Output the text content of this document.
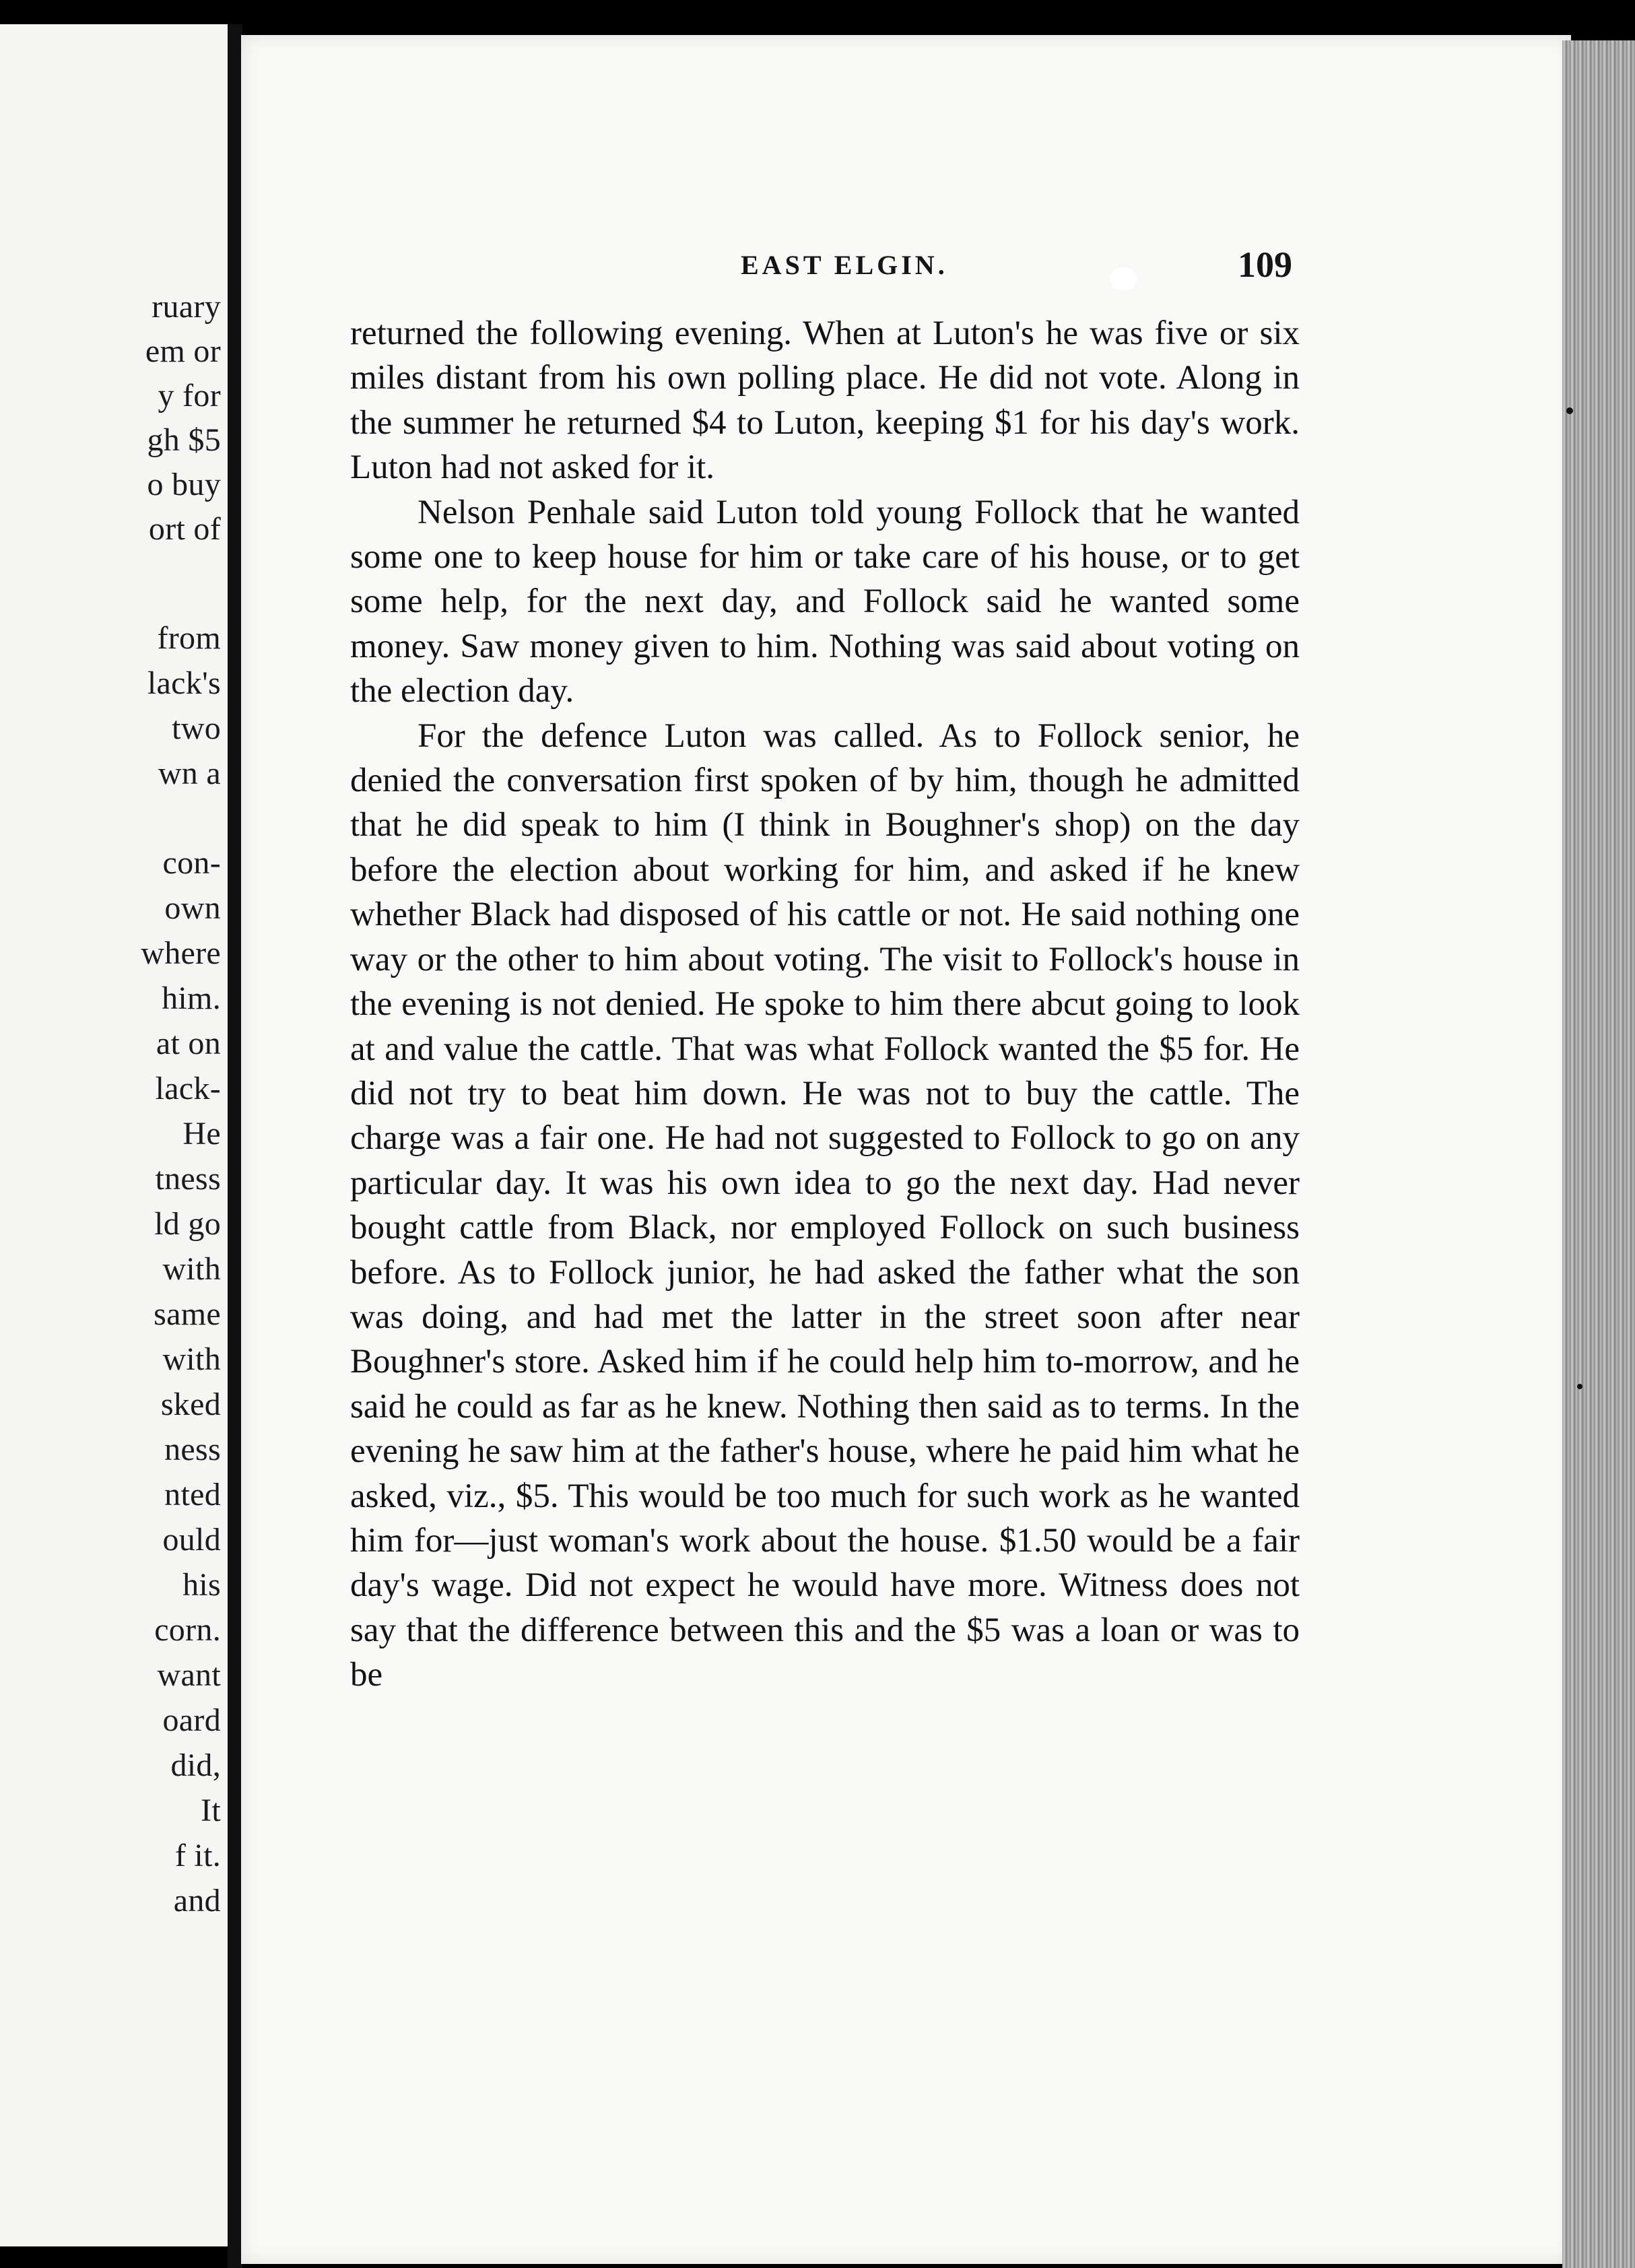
ruary
em or
y for
gh $5
o buy
ort of
from
lack's
two
wn a
con-
own
where
him.
at on
lack-
He
tness
ld go
with
same
with
sked
ness
nted
ould
his
corn.
want
oard
did,
It
f it.
and
EAST ELGIN.	109

returned the following evening. When at Luton's he was five or six miles distant from his own polling place. He did not vote. Along in the summer he returned $4 to Luton, keeping $1 for his day's work. Luton had not asked for it.

Nelson Penhale said Luton told young Follock that he wanted some one to keep house for him or take care of his house, or to get some help, for the next day, and Follock said he wanted some money. Saw money given to him. Nothing was said about voting on the election day.

For the defence Luton was called. As to Follock senior, he denied the conversation first spoken of by him, though he admitted that he did speak to him (I think in Boughner's shop) on the day before the election about working for him, and asked if he knew whether Black had disposed of his cattle or not. He said nothing one way or the other to him about voting. The visit to Follock's house in the evening is not denied. He spoke to him there abcut going to look at and value the cattle. That was what Follock wanted the $5 for. He did not try to beat him down. He was not to buy the cattle. The charge was a fair one. He had not suggested to Follock to go on any particular day. It was his own idea to go the next day. Had never bought cattle from Black, nor employed Follock on such business before. As to Follock junior, he had asked the father what the son was doing, and had met the latter in the street soon after near Boughner's store. Asked him if he could help him to-morrow, and he said he could as far as he knew. Nothing then said as to terms. In the evening he saw him at the father's house, where he paid him what he asked, viz., $5. This would be too much for such work as he wanted him for—just woman's work about the house. $1.50 would be a fair day's wage. Did not expect he would have more. Witness does not say that the difference between this and the $5 was a loan or was to be
